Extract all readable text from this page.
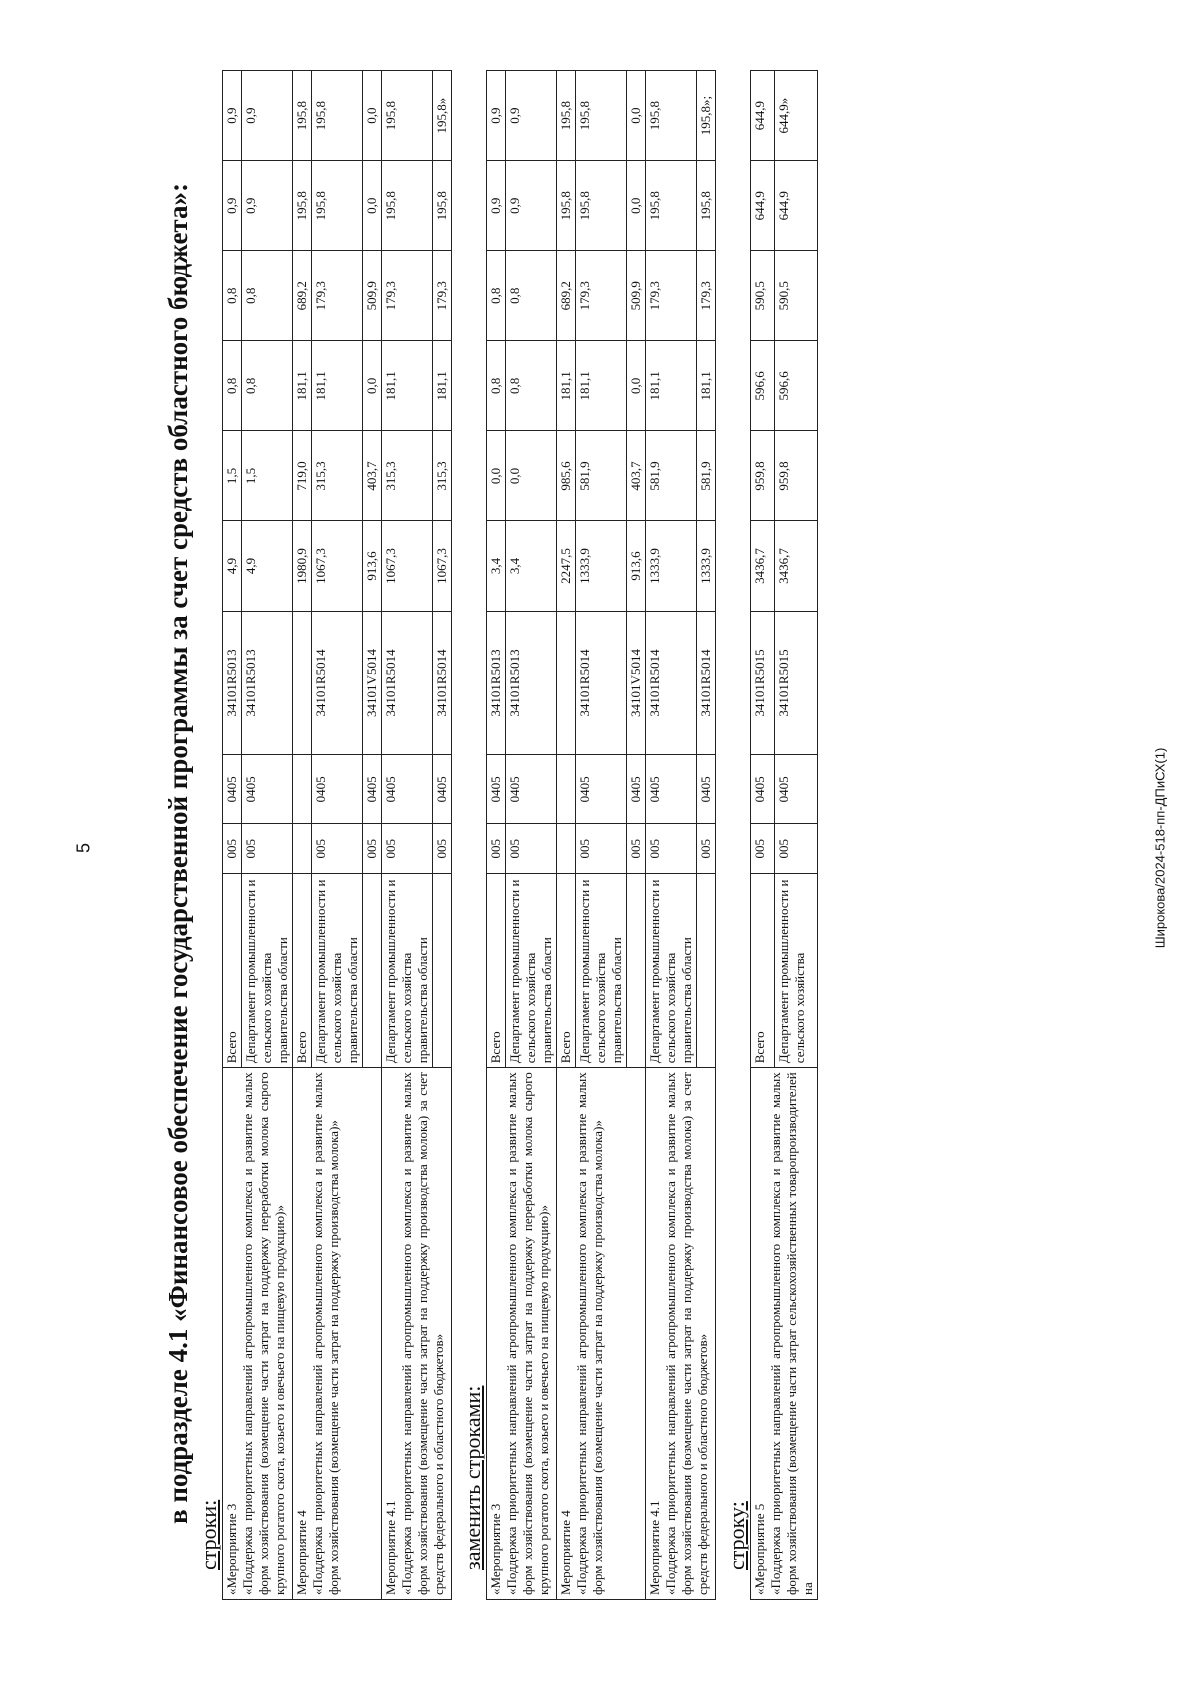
5	Широкова/2024-518-пп-ДПиСХ(1)
в подразделе 4.1 «Финансовое обеспечение государственной программы за счет средств областного бюджета»:
строки: «Мероприятие 3 «Поддержка приоритетных направлений агропромышленного комплекса и развитие малых форм хозяйствования (возмещение части затрат на поддержку переработки молока сырого крупного рогатого скота, козьего и овечьего на пищевую продукцию)»	Всего	005	0405	34101R5013	4,9	1,5	0,8	0,8	0,9	0,9
	Департамент промышленности и сельского хозяйства правительства области	005	0405	34101R5013	4,9	1,5	0,8	0,8	0,9	0,9

Мероприятие 4 «Поддержка приоритетных направлений агропромышленного комплекса и развитие малых форм хозяйствования (возмещение части затрат на поддержку производства молока)»	Всего				1980,9	719,0	181,1	689,2	195,8	195,8
	Департамент промышленности и сельского хозяйства правительства области	005	0405	34101R5014	1067,3	315,3	181,1	179,3	195,8	195,8
		005	0405	34101V5014	913,6	403,7	0,0	509,9	0,0	0,0

Мероприятие 4.1 «Поддержка приоритетных направлений агропромышленного комплекса и развитие малых форм хозяйствования (возмещение части затрат на поддержку производства молока) за счет средств федерального и областного бюджетов»	Департамент промышленности и сельского хозяйства правительства области	005	0405	34101R5014	1067,3	315,3	181,1	179,3	195,8	195,8
		005	0405	34101R5014	1067,3	315,3	181,1	179,3	195,8	195,8»
заменить строками: «Мероприятие 3 «Поддержка приоритетных направлений агропромышленного комплекса и развитие малых форм хозяйствования (возмещение части затрат на поддержку переработки молока сырого крупного рогатого скота, козьего и овечьего на пищевую продукцию)»	Всего	005	0405	34101R5013	3,4	0,0	0,8	0,8	0,9	0,9
	Департамент промышленности и сельского хозяйства правительства области	005	0405	34101R5013	3,4	0,0	0,8	0,8	0,9	0,9

Мероприятие 4 «Поддержка приоритетных направлений агропромышленного комплекса и развитие малых форм хозяйствования (возмещение части затрат на поддержку производства молока)»	Всего				2247,5	985,6	181,1	689,2	195,8	195,8
	Департамент промышленности и сельского хозяйства правительства области	005	0405	34101R5014	1333,9	581,9	181,1	179,3	195,8	195,8
		005	0405	34101V5014	913,6	403,7	0,0	509,9	0,0	0,0

Мероприятие 4.1 «Поддержка приоритетных направлений агропромышленного комплекса и развитие малых форм хозяйствования (возмещение части затрат на поддержку производства молока) за счет средств федерального и областного бюджетов»	Департамент промышленности и сельского хозяйства правительства области	005	0405	34101R5014	1333,9	581,9	181,1	179,3	195,8	195,8
		005	0405	34101R5014	1333,9	581,9	181,1	179,3	195,8	195,8»;
строку: «Мероприятие 5 «Поддержка приоритетных направлений агропромышленного комплекса и развитие малых форм хозяйствования (возмещение части затрат сельскохозяйственных товаропроизводителей на	Всего	005	0405	34101R5015	3436,7	959,8	596,6	590,5	644,9	644,9
	Департамент промышленности и сельского хозяйства	005	0405	34101R5015	3436,7	959,8	596,6	590,5	644,9	644,9»
